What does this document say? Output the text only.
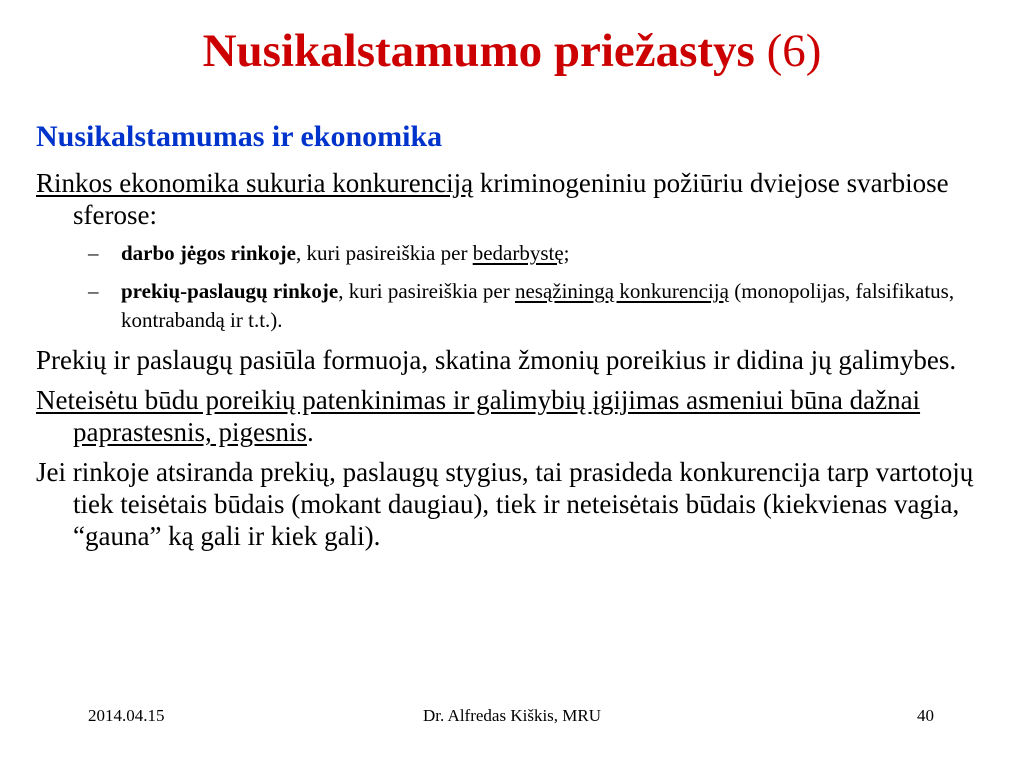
Nusikalstamumo priežastys (6)
Nusikalstamumas ir ekonomika
Rinkos ekonomika sukuria konkurenciją kriminogeniniu požiūriu dviejose svarbiose sferose:
– darbo jėgos rinkoje, kuri pasireiškia per bedarbystę;
– prekių-paslaugų rinkoje, kuri pasireiškia per nesąžiningą konkurenciją (monopolijas, falsifikatus, kontrabandą ir t.t.).
Prekių ir paslaugų pasiūla formuoja, skatina žmonių poreikius ir didina jų galimybes.
Neteisėtu būdu poreikių patenkinimas ir galimybių įgijimas asmeniui būna dažnai paprastesnis, pigesnis.
Jei rinkoje atsiranda prekių, paslaugų stygius, tai prasideda konkurencija tarp vartotojų tiek teisėtais būdais (mokant daugiau), tiek ir neteisėtais būdais (kiekvienas vagia, “gauna” ką gali ir kiek gali).
2014.04.15	Dr. Alfredas Kiškis, MRU	40
